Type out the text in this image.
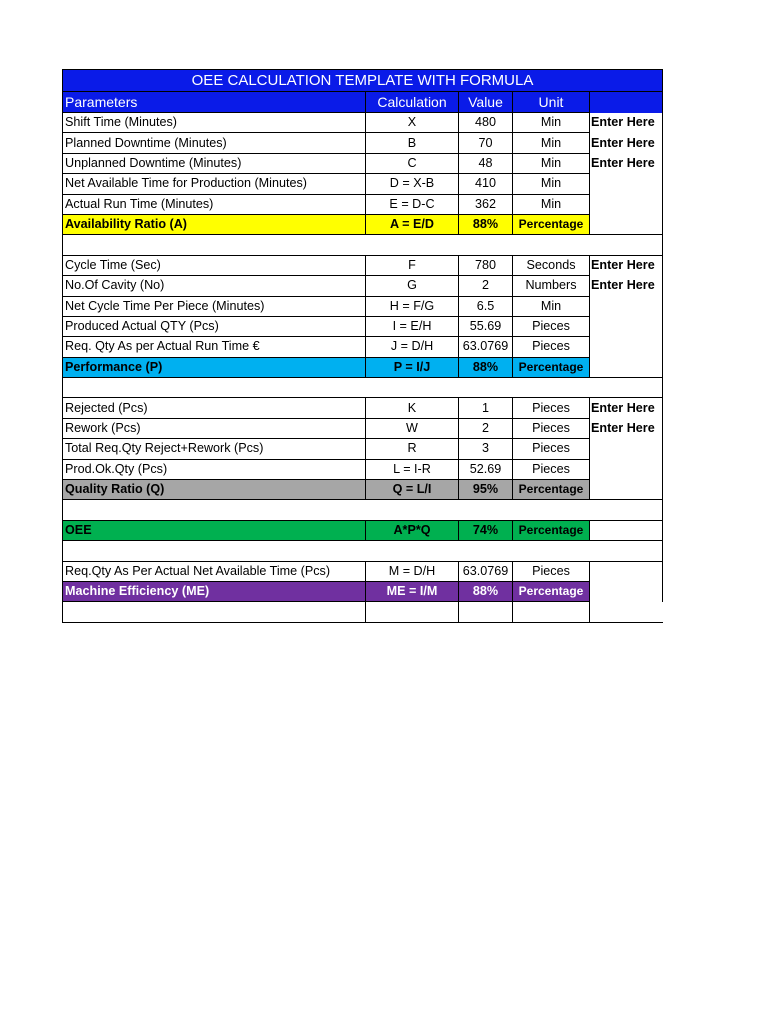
OEE CALCULATION TEMPLATE WITH FORMULA				
Parameters	Calculation	Value	Unit	
Shift Time (Minutes)	X	480	Min	Enter Here
Planned Downtime (Minutes)	B	70	Min	Enter Here
Unplanned Downtime (Minutes)	C	48	Min	Enter Here
Net Available Time for Production (Minutes)	D = X-B	410	Min	
Actual Run Time (Minutes)	E = D-C	362	Min	
Availability Ratio (A)	A = E/D	88%	Percentage	

Cycle Time (Sec)	F	780	Seconds	Enter Here
No.Of Cavity (No)	G	2	Numbers	Enter Here
Net Cycle Time Per Piece (Minutes)	H = F/G	6.5	Min	
Produced Actual QTY (Pcs)	I = E/H	55.69	Pieces	
Req. Qty As per Actual Run Time €	J = D/H	63.0769	Pieces	
Performance (P)	P = I/J	88%	Percentage	

Rejected (Pcs)	K	1	Pieces	Enter Here
Rework (Pcs)	W	2	Pieces	Enter Here
Total Req.Qty Reject+Rework (Pcs)	R	3	Pieces	
Prod.Ok.Qty (Pcs)	L = I-R	52.69	Pieces	
Quality Ratio (Q)	Q = L/I	95%	Percentage	

OEE	A*P*Q	74%	Percentage	

Req.Qty As Per Actual Net Available Time (Pcs)	M = D/H	63.0769	Pieces	
Machine Efficiency (ME)	ME = I/M	88%	Percentage	
